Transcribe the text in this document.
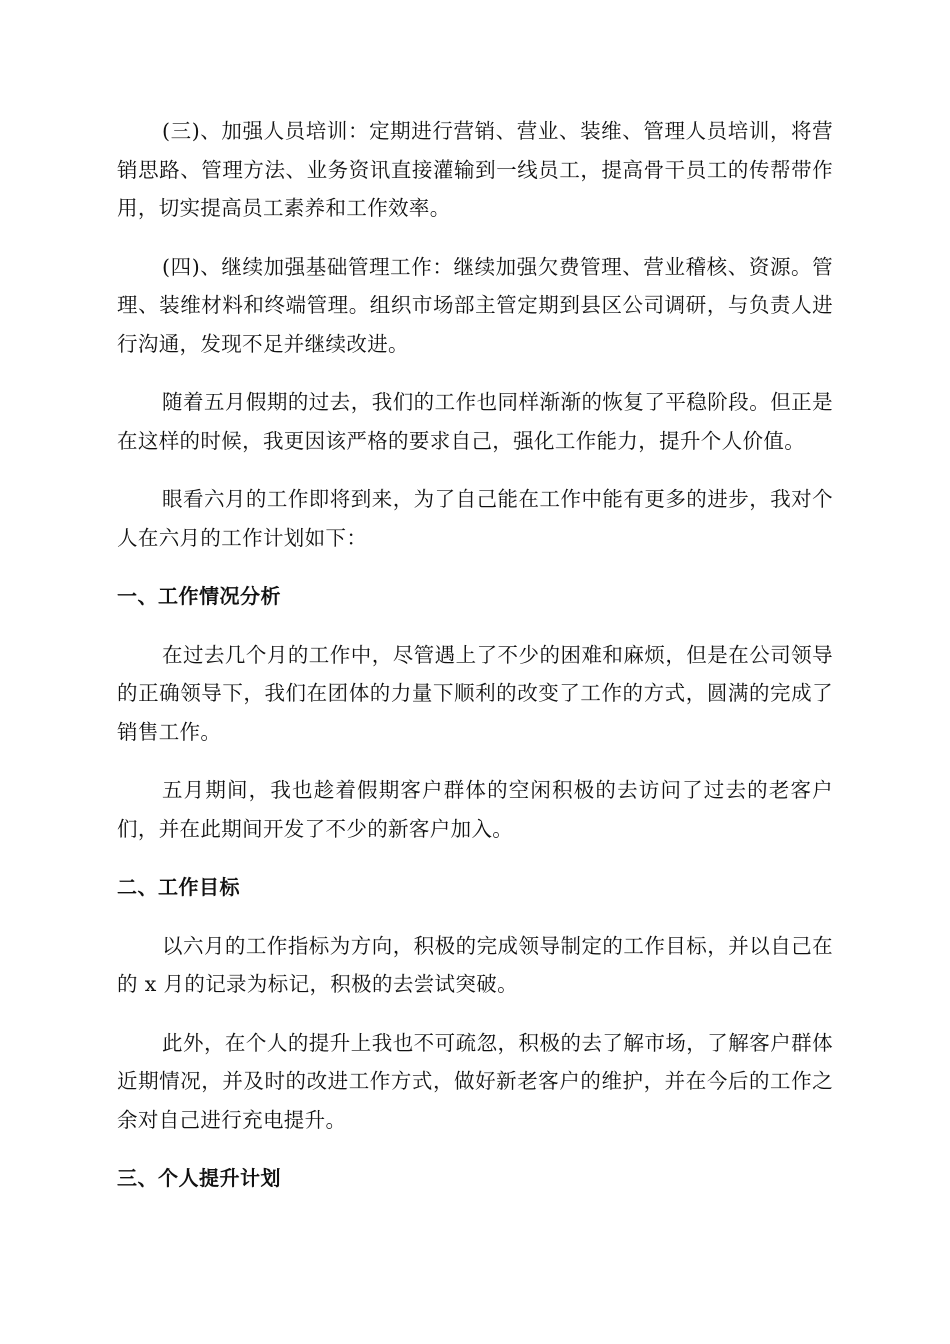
(三)、加强人员培训：定期进行营销、营业、装维、管理人员培训，将营销思路、管理方法、业务资讯直接灌输到一线员工，提高骨干员工的传帮带作用，切实提高员工素养和工作效率。

(四)、继续加强基础管理工作：继续加强欠费管理、营业稽核、资源。管理、装维材料和终端管理。组织市场部主管定期到县区公司调研，与负责人进行沟通，发现不足并继续改进。

随着五月假期的过去，我们的工作也同样渐渐的恢复了平稳阶段。但正是在这样的时候，我更因该严格的要求自己，强化工作能力，提升个人价值。

眼看六月的工作即将到来，为了自己能在工作中能有更多的进步，我对个人在六月的工作计划如下：

一、工作情况分析

在过去几个月的工作中，尽管遇上了不少的困难和麻烦，但是在公司领导的正确领导下，我们在团体的力量下顺利的改变了工作的方式，圆满的完成了销售工作。

五月期间，我也趁着假期客户群体的空闲积极的去访问了过去的老客户们，并在此期间开发了不少的新客户加入。

二、工作目标

以六月的工作指标为方向，积极的完成领导制定的工作目标，并以自己在的 x 月的记录为标记，积极的去尝试突破。

此外，在个人的提升上我也不可疏忽，积极的去了解市场，了解客户群体近期情况，并及时的改进工作方式，做好新老客户的维护，并在今后的工作之余对自己进行充电提升。

三、个人提升计划
